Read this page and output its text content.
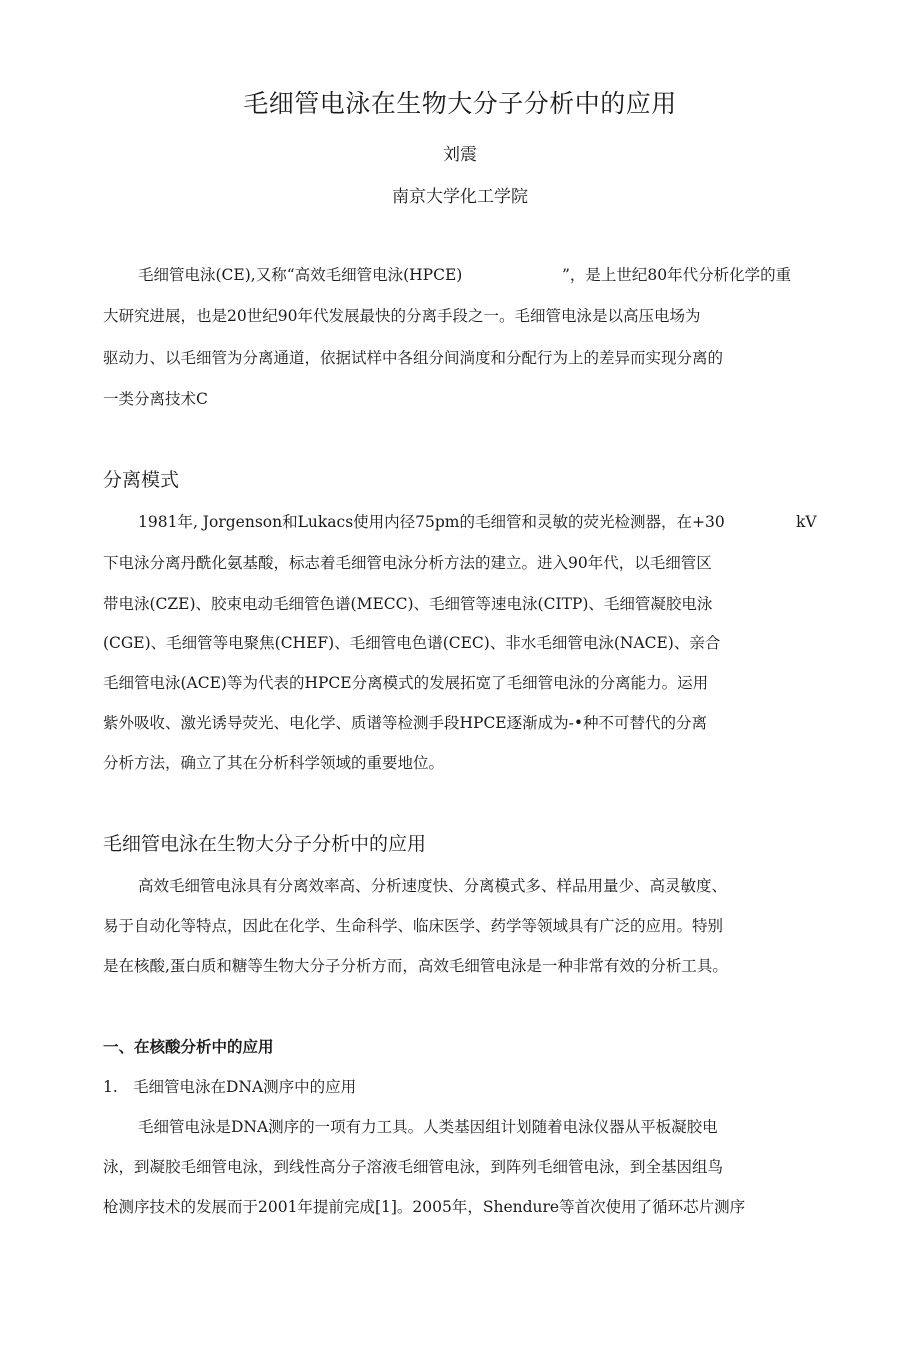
毛细管电泳在生物大分子分析中的应用
刘震
南京大学化工学院
毛细管电泳(CE),又称“高效毛细管电泳(HPCE)	”，是上世纪80年代分析化学的重
大研究进展，也是20世纪90年代发展最快的分离手段之一。毛细管电泳是以高压电场为
驱动力、以毛细管为分离通道，依据试样中各组分间淌度和分配行为上的差异而实现分离的
一类分离技术C
分离模式
1981年, Jorgenson和Lukacs使用内径75pm的毛细管和灵敏的荧光检测器，在+30	kV
下电泳分离丹酰化氨基酸，标志着毛细管电泳分析方法的建立。进入90年代，以毛细管区
带电泳(CZE)、胶束电动毛细管色谱(MECC)、毛细管等速电泳(CITP)、毛细管凝胶电泳
(CGE)、毛细管等电聚焦(CHEF)、毛细管电色谱(CEC)、非水毛细管电泳(NACE)、亲合
毛细管电泳(ACE)等为代表的HPCE分离模式的发展拓宽了毛细管电泳的分离能力。运用
紫外吸收、激光诱导荧光、电化学、质谱等检测手段HPCE逐渐成为-•种不可替代的分离
分析方法，确立了其在分析科学领域的重要地位。
毛细管电泳在生物大分子分析中的应用
高效毛细管电泳具有分离效率高、分析速度快、分离模式多、样品用量少、高灵敏度、
易于自动化等特点，因此在化学、生命科学、临床医学、药学等领域具有广泛的应用。特别
是在核酸,蛋白质和糖等生物大分子分析方而，高效毛细管电泳是一种非常有效的分析工具。
一、在核酸分析中的应用
1. 毛细管电泳在DNA测序中的应用
毛细管电泳是DNA测序的一项有力工具。人类基因组计划随着电泳仪器从平板凝胶电
泳，到凝胶毛细管电泳，到线性高分子溶液毛细管电泳，到阵列毛细管电泳，到全基因组鸟
枪测序技术的发展而于2001年提前完成[1]。2005年，Shendure等首次使用了循环芯片测序
